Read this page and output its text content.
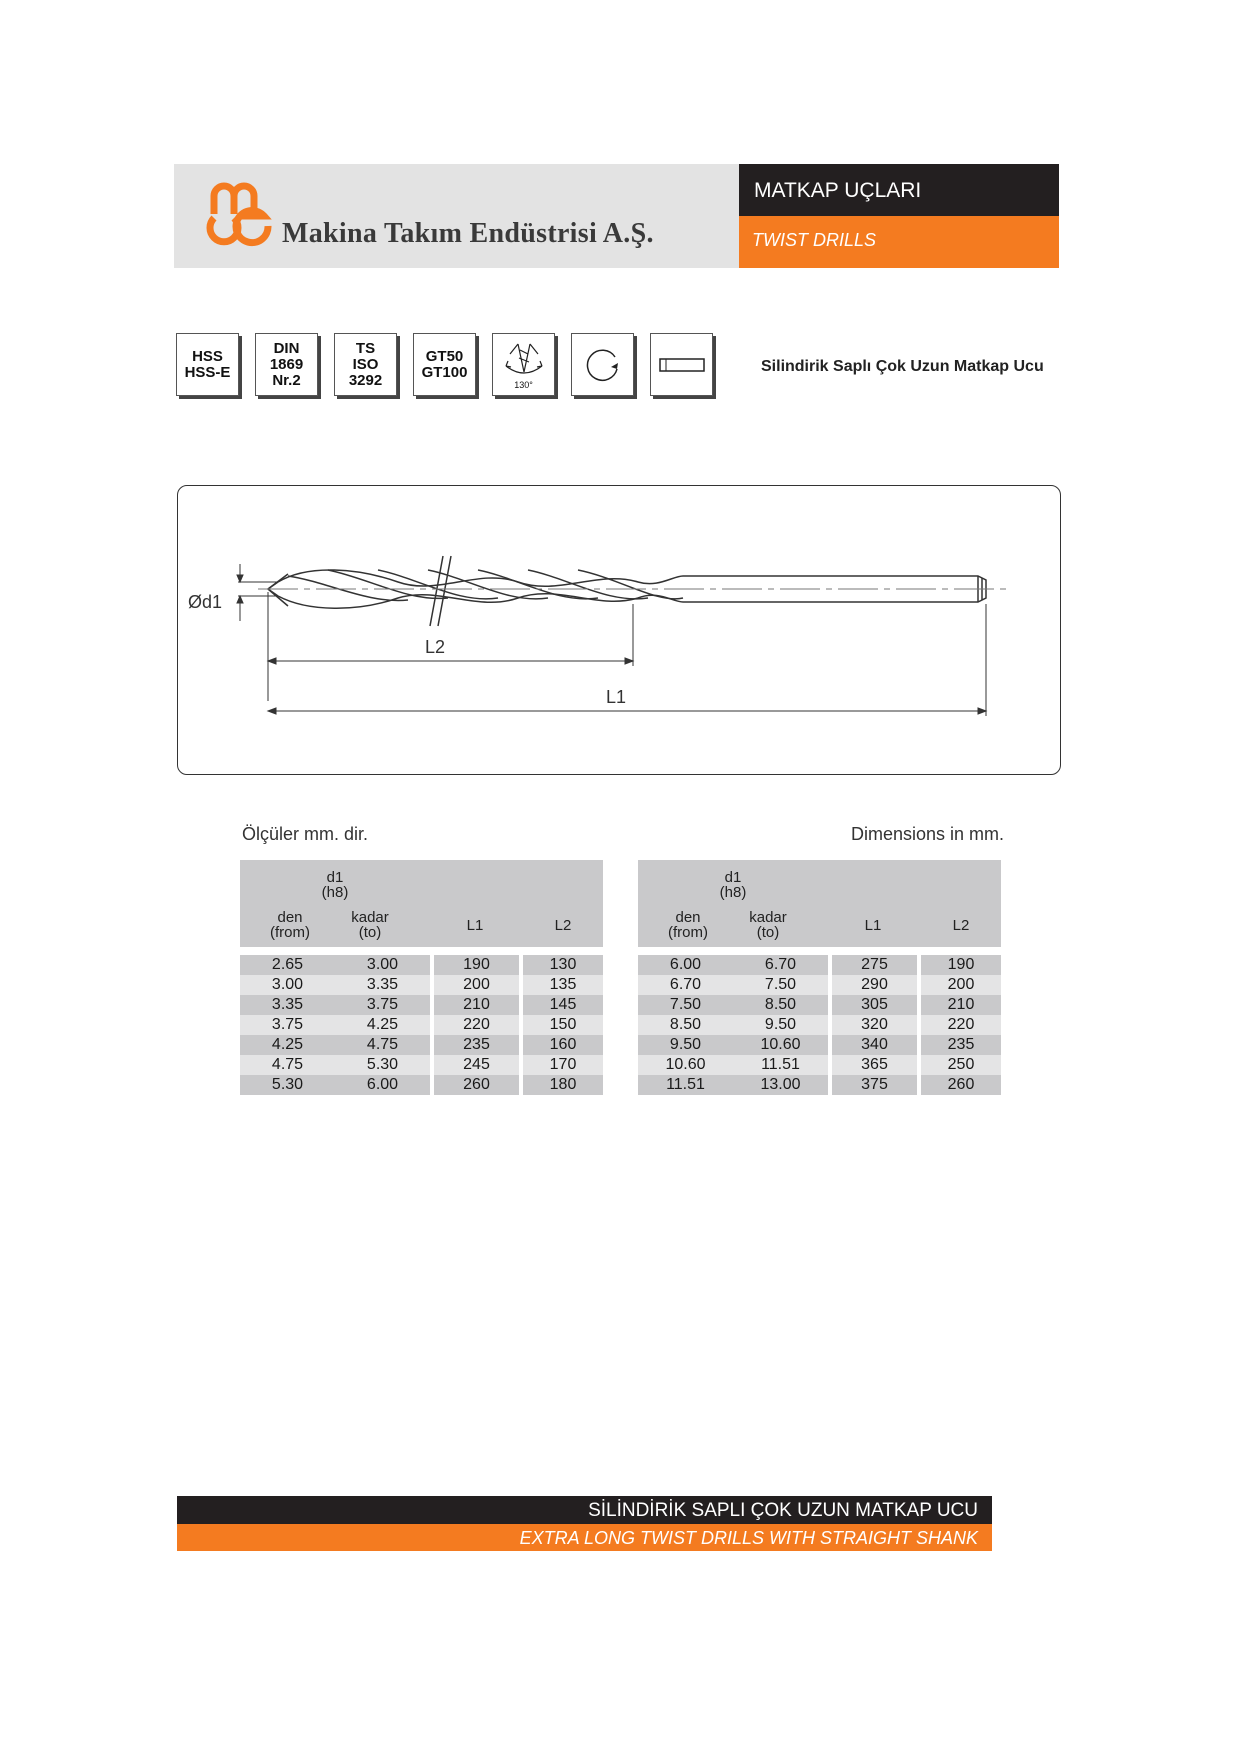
Makina Takım Endüstrisi A.Ş.
MATKAP UÇLARI
TWIST DRILLS
HSS
HSS-E
DIN
1869
Nr.2
TS
ISO
3292
GT50
GT100
130°
Silindirik Saplı Çok Uzun Matkap Ucu
Ød1
L2
L1
Ölçüler mm. dir.	Dimensions in mm.
d1
(h8)
den
(from)
kadar
(to)	L1	L2
2.65	3.00	190	130
3.00	3.35	200	135
3.35	3.75	210	145
3.75	4.25	220	150
4.25	4.75	235	160
4.75	5.30	245	170
5.30	6.00	260	180
d1
(h8)
den
(from)
kadar
(to)	L1	L2
6.00	6.70	275	190
6.70	7.50	290	200
7.50	8.50	305	210
8.50	9.50	320	220
9.50	10.60	340	235
10.60	11.51	365	250
11.51	13.00	375	260
SİLİNDİRİK SAPLI ÇOK UZUN MATKAP UCU
EXTRA LONG TWIST DRILLS WITH STRAIGHT SHANK
